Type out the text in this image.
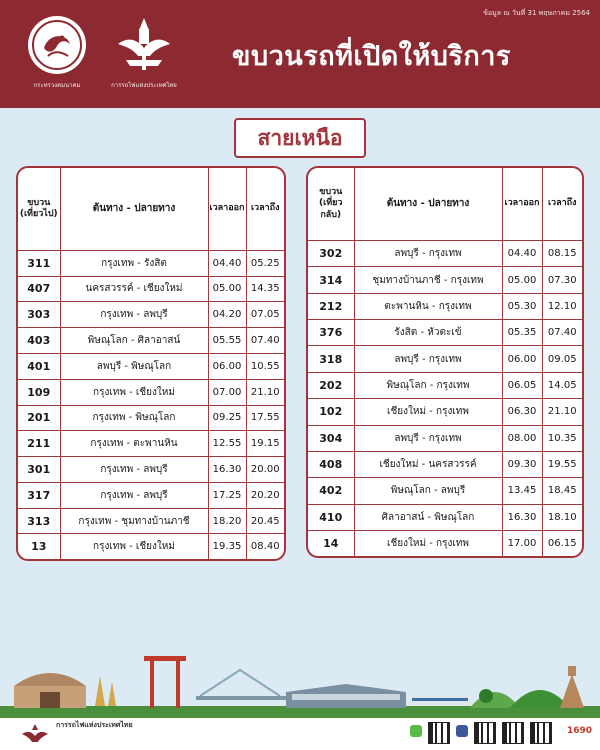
ข้อมูล ณ วันที่ 31 พฤษภาคม 2564
กระทรวงคมนาคม	การรถไฟแห่งประเทศไทย
ขบวนรถที่เปิดให้บริการ
สายเหนือ
ขบวน
(เที่ยวไป)	ต้นทาง - ปลายทาง	เวลาออก	เวลาถึง
311	กรุงเทพ - รังสิต	04.40	05.25
407	นครสวรรค์ - เชียงใหม่	05.00	14.35
303	กรุงเทพ - ลพบุรี	04.20	07.05
403	พิษณุโลก - ศิลาอาสน์	05.55	07.40
401	ลพบุรี - พิษณุโลก	06.00	10.55
109	กรุงเทพ - เชียงใหม่	07.00	21.10
201	กรุงเทพ - พิษณุโลก	09.25	17.55
211	กรุงเทพ - ตะพานหิน	12.55	19.15
301	กรุงเทพ - ลพบุรี	16.30	20.00
317	กรุงเทพ - ลพบุรี	17.25	20.20
313	กรุงเทพ - ชุมทางบ้านภาชี	18.20	20.45
13	กรุงเทพ - เชียงใหม่	19.35	08.40
ขบวน
(เที่ยวกลับ)	ต้นทาง - ปลายทาง	เวลาออก	เวลาถึง
302	ลพบุรี - กรุงเทพ	04.40	08.15
314	ชุมทางบ้านภาชี - กรุงเทพ	05.00	07.30
212	ตะพานหิน - กรุงเทพ	05.30	12.10
376	รังสิต - หัวตะเข้	05.35	07.40
318	ลพบุรี - กรุงเทพ	06.00	09.05
202	พิษณุโลก - กรุงเทพ	06.05	14.05
102	เชียงใหม่ - กรุงเทพ	06.30	21.10
304	ลพบุรี - กรุงเทพ	08.00	10.35
408	เชียงใหม่ - นครสวรรค์	09.30	19.55
402	พิษณุโลก - ลพบุรี	13.45	18.45
410	ศิลาอาสน์ - พิษณุโลก	16.30	18.10
14	เชียงใหม่ - กรุงเทพ	17.00	06.15
การรถไฟแห่งประเทศไทย
1690
